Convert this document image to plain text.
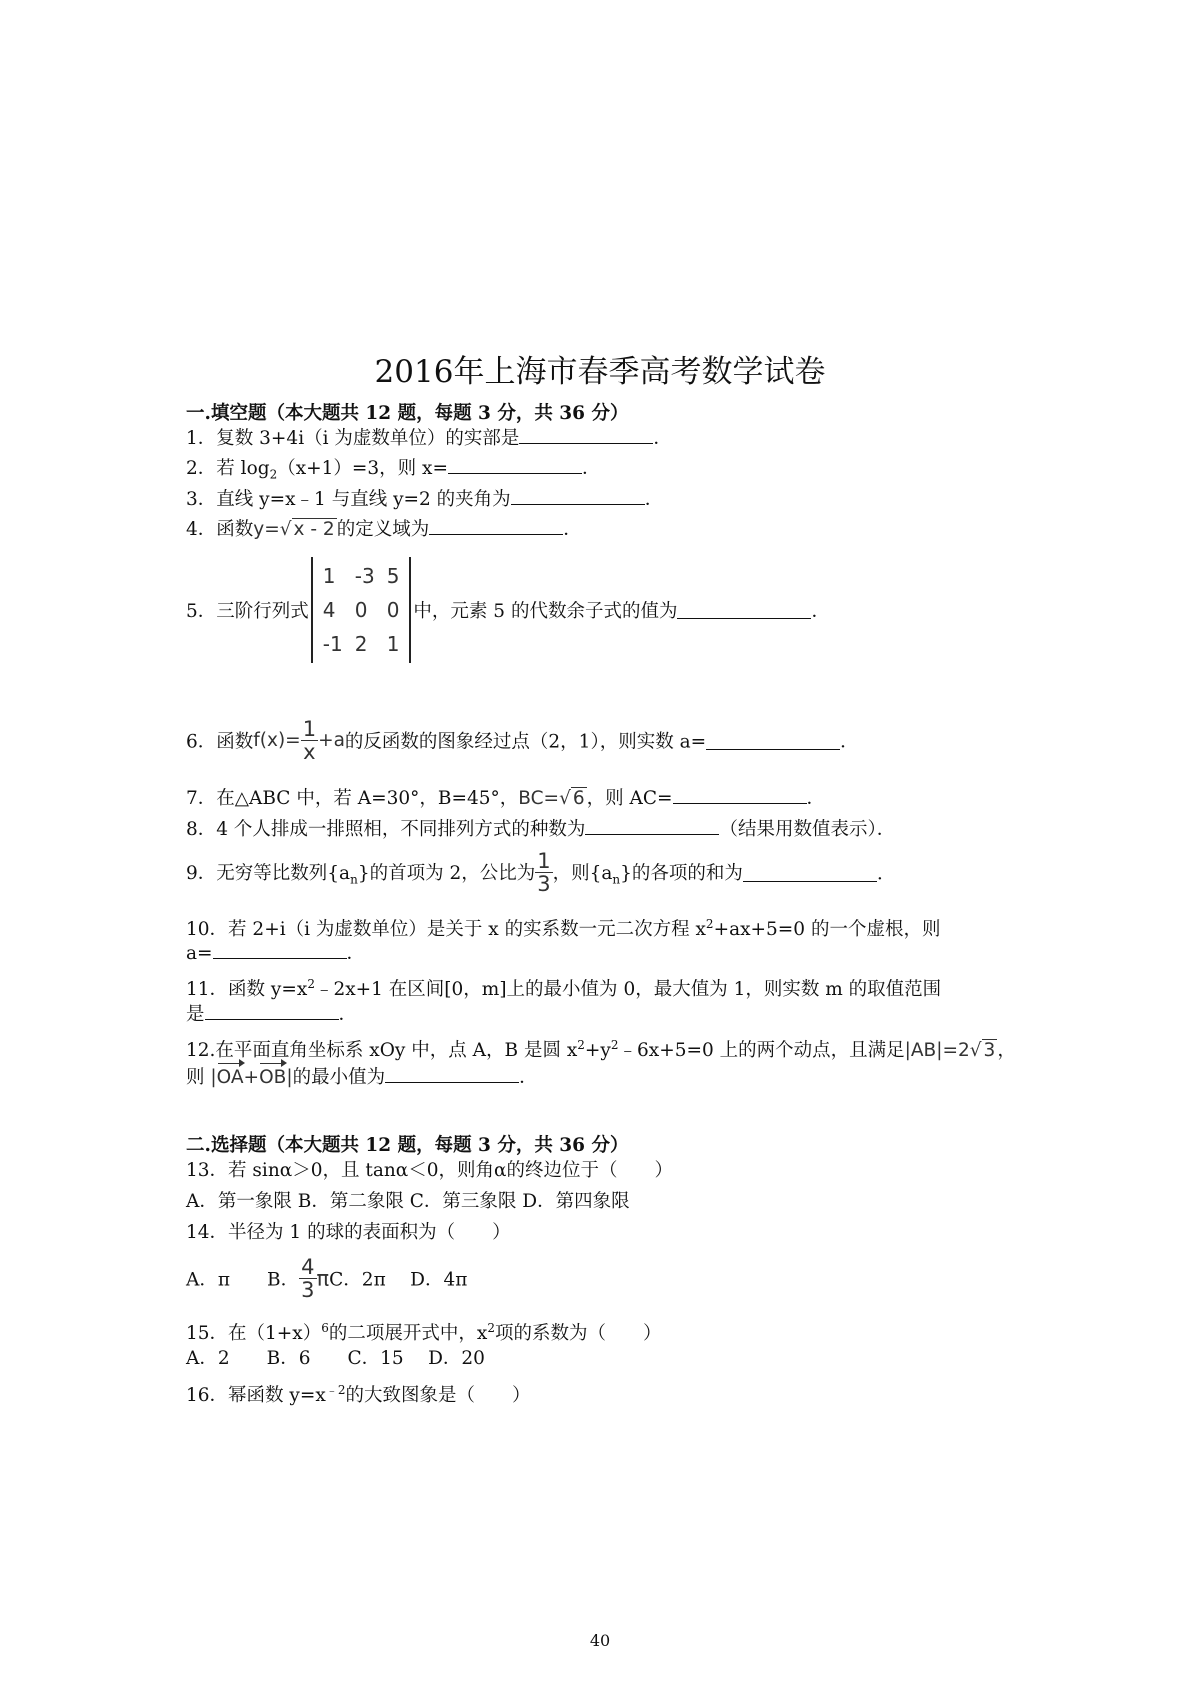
2016年上海市春季高考数学试卷
一.填空题（本大题共 12 题，每题 3 分，共 36 分）
1．复数 3+4i（i 为虚数单位）的实部是	．
2．若 $\log_2(x+1)=3$，则 x=	．
3．直线 y=x﹣1 与直线 y=2 的夹角为	．
4．函数y=√ x - 2 的定义域为	．
5．三阶行列式
1	-3	5
4	0	0
-1	2	1
中，元素 5 的代数余子式的值为	．
6．函数$f(x)= \frac{1}{x} +a$的反函数的图象经过点（2，1），则实数 a=	．
7．在△ABC 中，若 A=30°，B=45°，BC=√ 6 ，则 AC=	．
8．4 个人排成一排照相，不同排列方式的种数为	（结果用数值表示）．
9．无穷等比数列$\{a_n\}$的首项为 2，公比为 $\frac{1}{3}$ ，则$\{a_n\}$的各项的和为	．
10．若 2+i（i 为虚数单位）是关于 x 的实系数一元二次方程 $x^2+ax+5=0$ 的一个虚根，则
a=	．
11．函数 $y=x^2﹣2x+1$ 在区间[0，m]上的最小值为 0，最大值为 1，则实数 m 的取值范围
是	．
12.在平面直角坐标系 xOy 中，点 A，B 是圆 $x^2+y^2﹣6x+5=0$ 上的两个动点，且满足|AB|=2√ 3 ，
则 |OA+OB|的最小值为	．
二.选择题（本大题共 12 题，每题 3 分，共 36 分）
13．若 sinα＞0，且 tanα＜0，则角α的终边位于（　　）
A．第一象限 B．第二象限 C．第三象限 D．第四象限
14．半径为 1 的球的表面积为（　　）
A．π　　B． $\frac{4}{3}$ πC．2π　 D．4π
15．在$(1+x)^6$的二项展开式中，$x^2$项的系数为（　　）
A．2　　B．6　　C．15　 D．20
16．幂函数 $y=x^{﹣2}$的大致图象是（　　）
40
